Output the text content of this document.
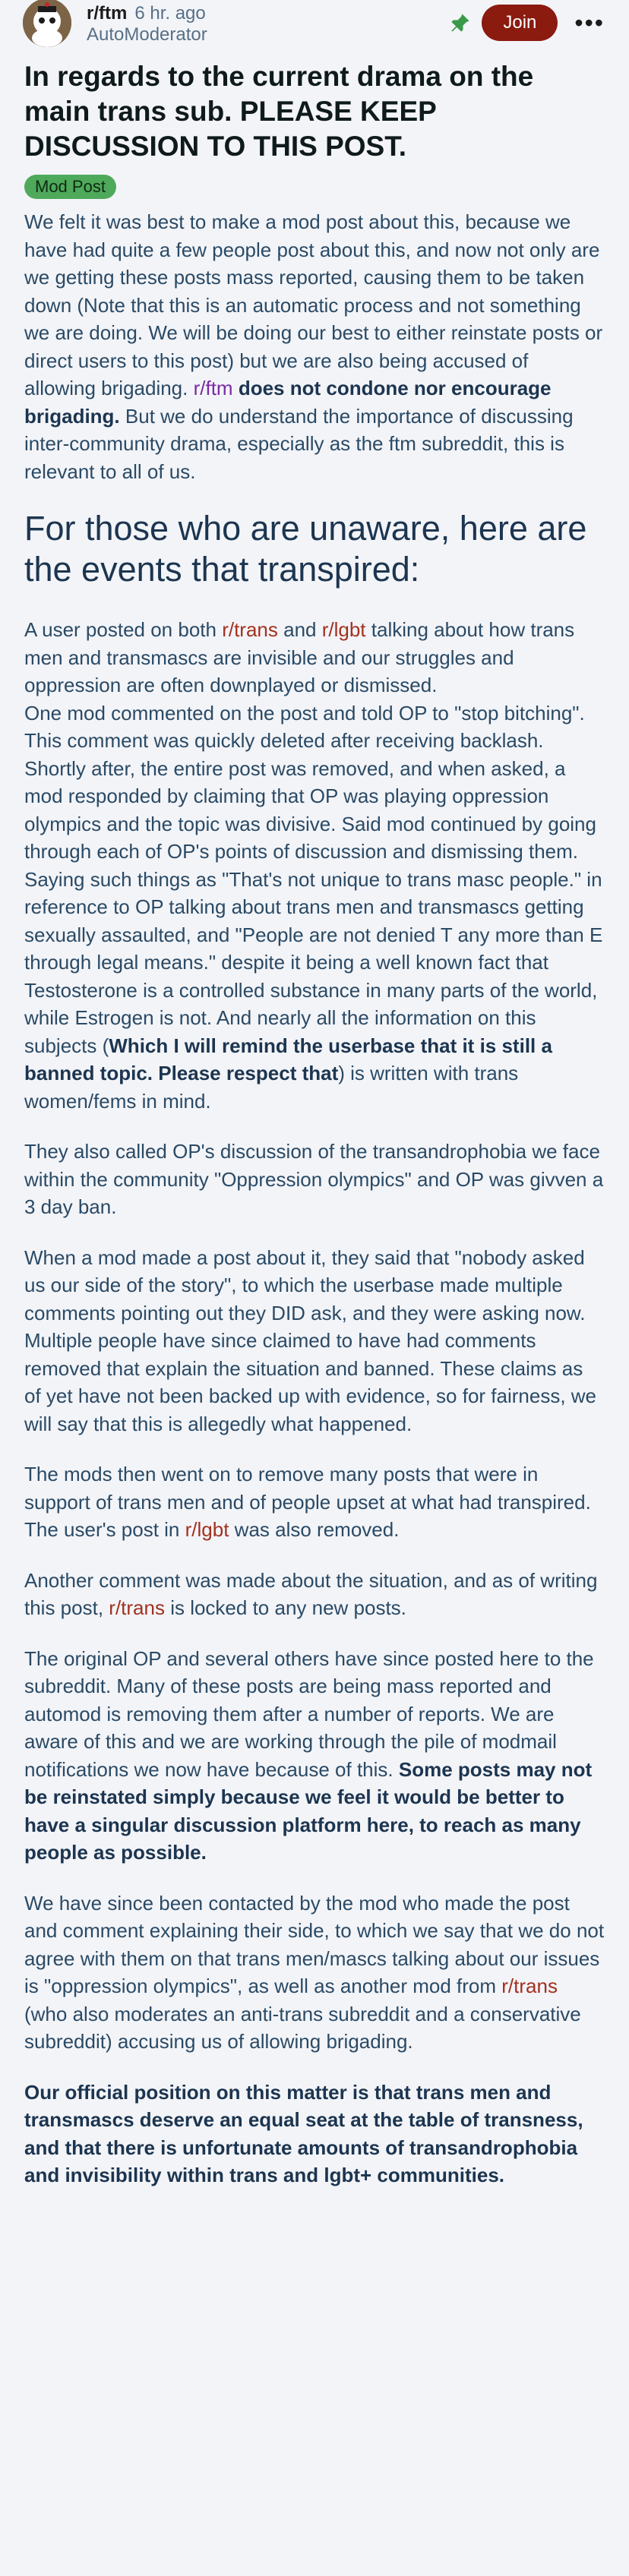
r/ftm 6 hr. ago
AutoModerator
Join	•••
In regards to the current drama on the main trans sub. PLEASE KEEP DISCUSSION TO THIS POST.
Mod Post

We felt it was best to make a mod post about this, because we have had quite a few people post about this, and now not only are we getting these posts mass reported, causing them to be taken down (Note that this is an automatic process and not something we are doing. We will be doing our best to either reinstate posts or direct users to this post) but we are also being accused of allowing brigading. r/ftm does not condone nor encourage brigading. But we do understand the importance of discussing inter-community drama, especially as the ftm subreddit, this is relevant to all of us.

For those who are unaware, here are the events that transpired:

A user posted on both r/trans and r/lgbt talking about how trans men and transmascs are invisible and our struggles and oppression are often downplayed or dismissed.

One mod commented on the post and told OP to "stop bitching". This comment was quickly deleted after receiving backlash.

Shortly after, the entire post was removed, and when asked, a mod responded by claiming that OP was playing oppression olympics and the topic was divisive. Said mod continued by going through each of OP's points of discussion and dismissing them. Saying such things as "That's not unique to trans masc people." in reference to OP talking about trans men and transmascs getting sexually assaulted, and "People are not denied T any more than E through legal means." despite it being a well known fact that Testosterone is a controlled substance in many parts of the world, while Estrogen is not. And nearly all the information on this subjects (Which I will remind the userbase that it is still a banned topic. Please respect that) is written with trans women/fems in mind.

They also called OP's discussion of the transandrophobia we face within the community "Oppression olympics" and OP was givven a 3 day ban.

When a mod made a post about it, they said that "nobody asked us our side of the story", to which the userbase made multiple comments pointing out they DID ask, and they were asking now. Multiple people have since claimed to have had comments removed that explain the situation and banned. These claims as of yet have not been backed up with evidence, so for fairness, we will say that this is allegedly what happened.

The mods then went on to remove many posts that were in support of trans men and of people upset at what had transpired. The user's post in r/lgbt was also removed.

Another comment was made about the situation, and as of writing this post, r/trans is locked to any new posts.

The original OP and several others have since posted here to the subreddit. Many of these posts are being mass reported and automod is removing them after a number of reports. We are aware of this and we are working through the pile of modmail notifications we now have because of this. Some posts may not be reinstated simply because we feel it would be better to have a singular discussion platform here, to reach as many people as possible.

We have since been contacted by the mod who made the post and comment explaining their side, to which we say that we do not agree with them on that trans men/mascs talking about our issues is "oppression olympics", as well as another mod from r/trans (who also moderates an anti-trans subreddit and a conservative subreddit) accusing us of allowing brigading.

Our official position on this matter is that trans men and transmascs deserve an equal seat at the table of transness, and that there is unfortunate amounts of transandrophobia and invisibility within trans and lgbt+ communities.
